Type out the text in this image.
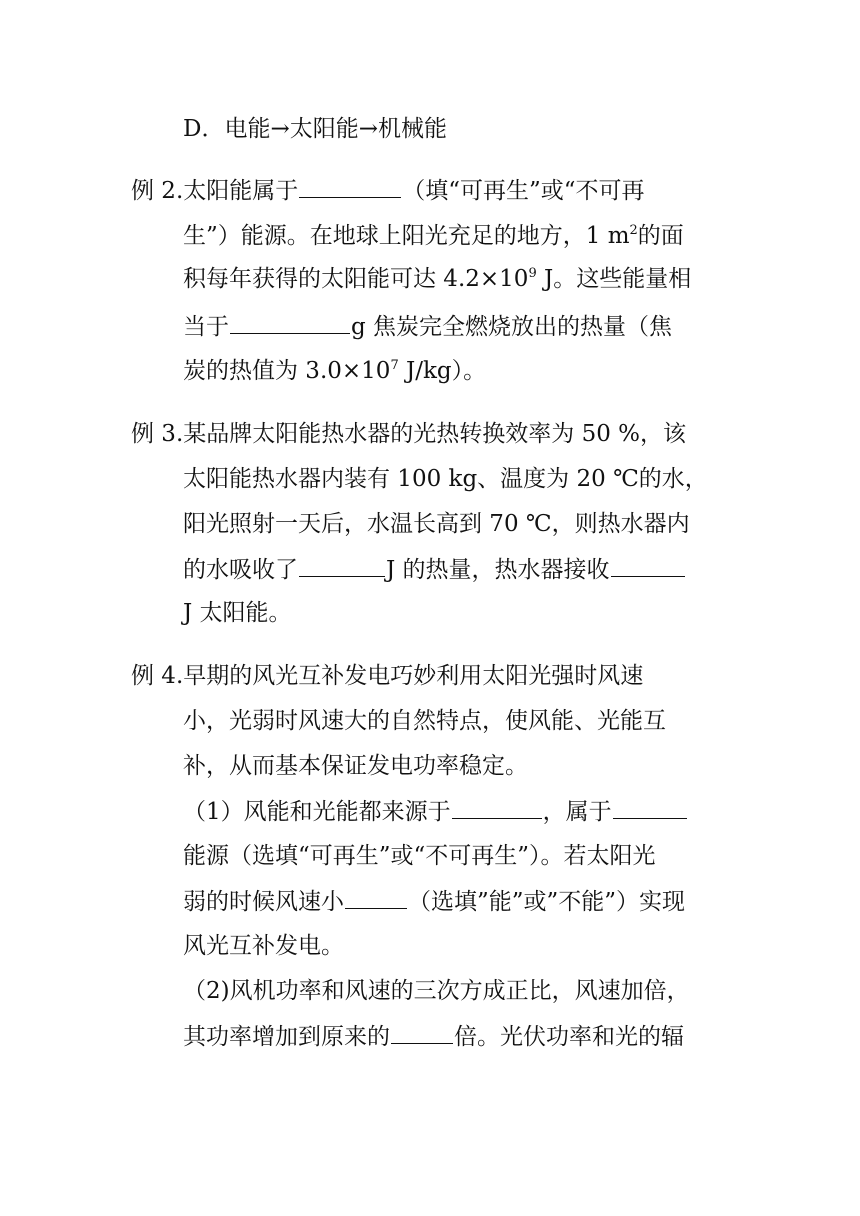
D．电能→太阳能→机械能
例 2.太阳能属于	（填“可再生”或“不可再
生”）能源。在地球上阳光充足的地方，1 $m^2$的面
积每年获得的太阳能可达 $4.2\times 10^9$ J。这些能量相
当于	g 焦炭完全燃烧放出的热量（焦
炭的热值为 $3.0\times 10^7$ J/kg）。
例 3.某品牌太阳能热水器的光热转换效率为 50 %，该
太阳能热水器内装有 100 kg、温度为 20 ℃的水，
阳光照射一天后，水温长高到 70 ℃，则热水器内
的水吸收了	J 的热量，热水器接收
J 太阳能。
例 4.早期的风光互补发电巧妙利用太阳光强时风速
小，光弱时风速大的自然特点，使风能、光能互
补，从而基本保证发电功率稳定。
（1）风能和光能都来源于	，属于
能源（选填“可再生”或“不可再生”）。若太阳光
弱的时候风速小	（选填”能”或”不能”）实现
风光互补发电。
（2)风机功率和风速的三次方成正比，风速加倍，
其功率增加到原来的	倍。光伏功率和光的辐
